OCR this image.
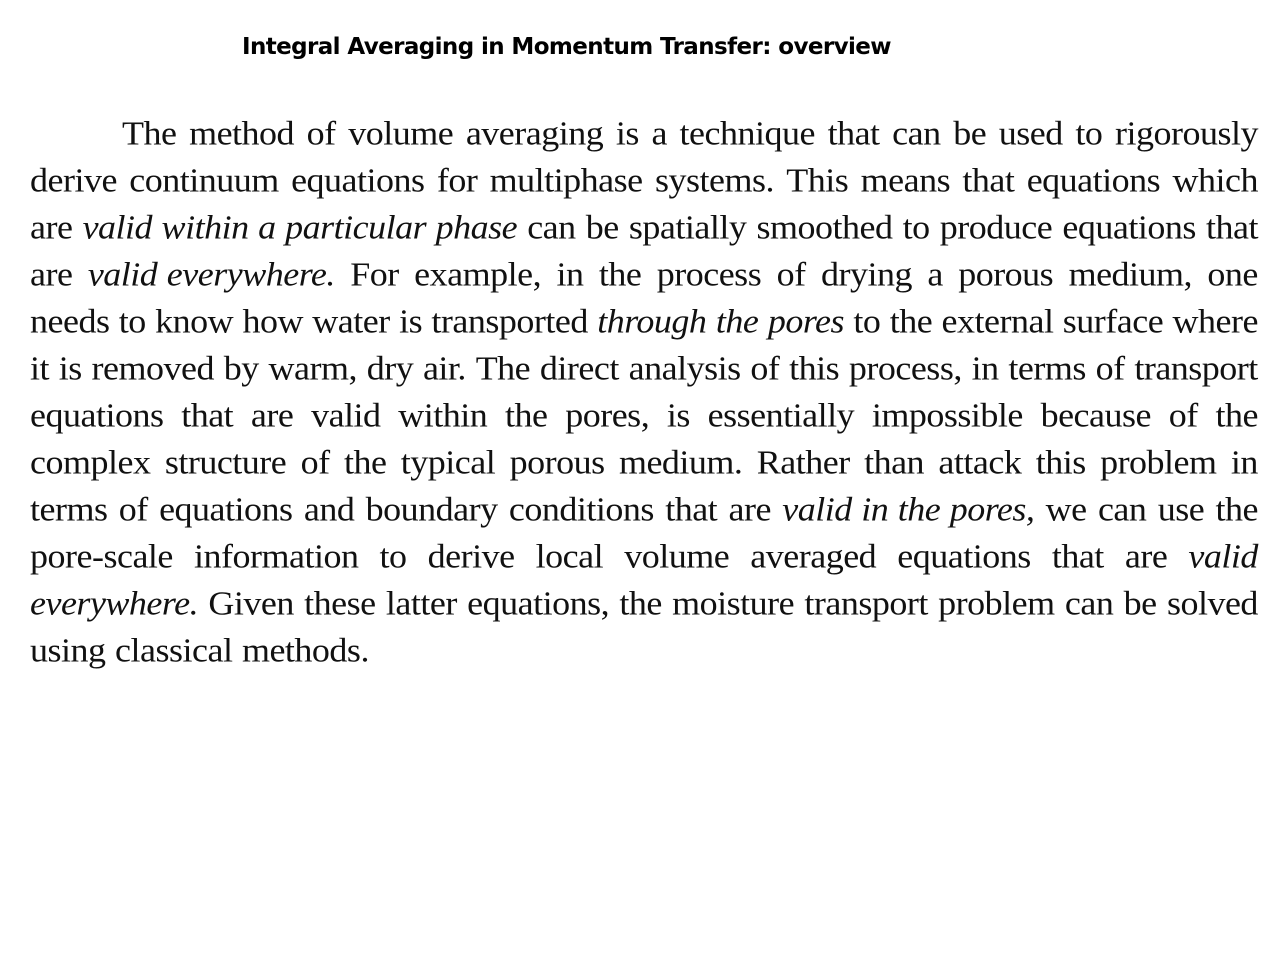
Integral Averaging in Momentum Transfer: overview
The method of volume averaging is a technique that can be used to rigorously
derive continuum equations for multiphase systems. This means that equations which
are valid within a particular phase can be spatially smoothed to produce equations that
are valid everywhere. For example, in the process of drying a porous medium, one
needs to know how water is transported through the pores to the external surface where
it is removed by warm, dry air. The direct analysis of this process, in terms of transport
equations that are valid within the pores, is essentially impossible because of the
complex structure of the typical porous medium. Rather than attack this problem in
terms of equations and boundary conditions that are valid in the pores, we can use the
pore-scale information to derive local volume averaged equations that are valid
everywhere. Given these latter equations, the moisture transport problem can be solved
using classical methods.
